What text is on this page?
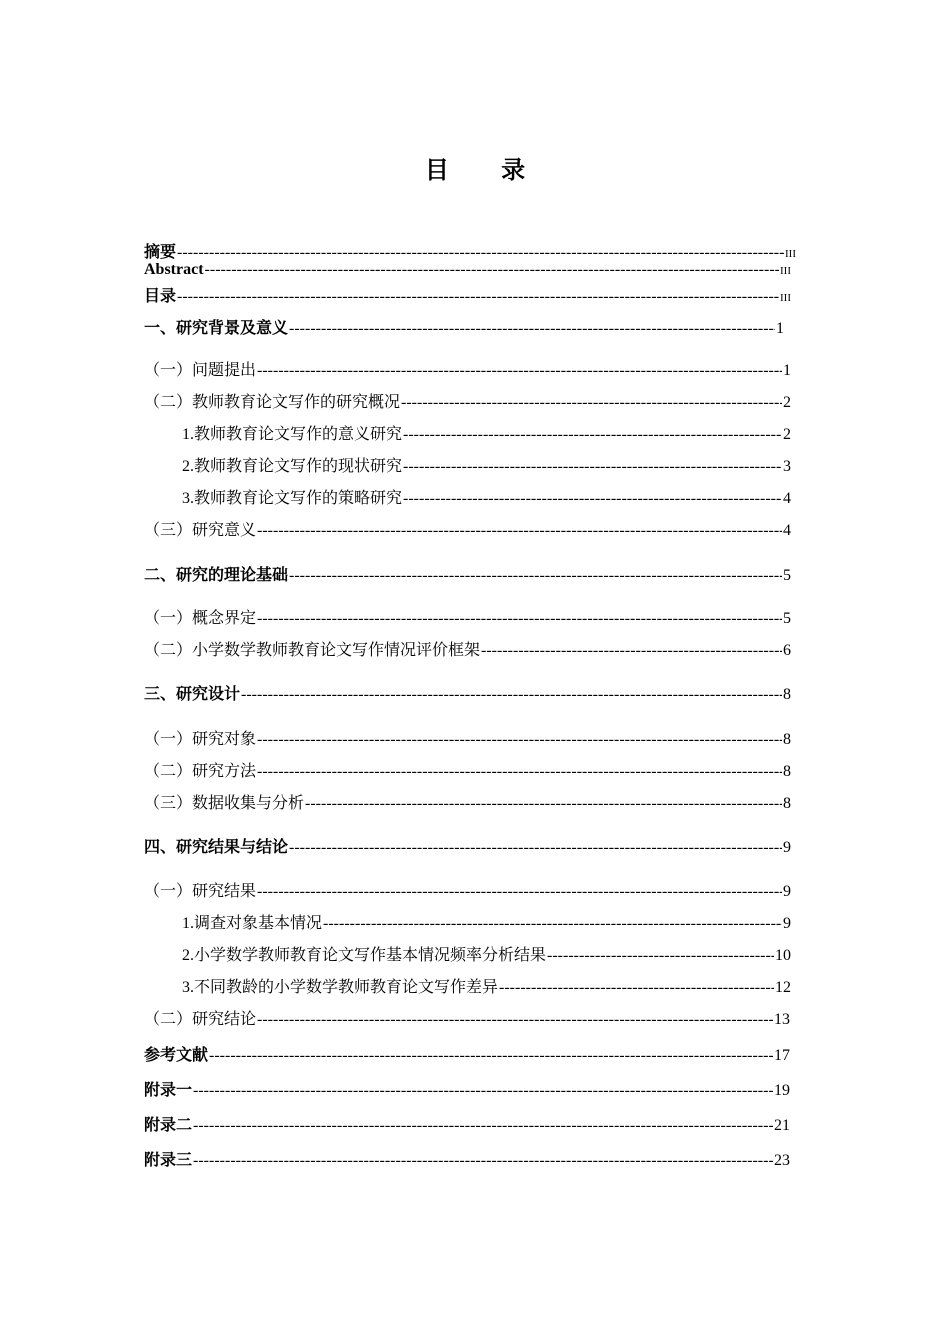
目 录
摘要 -----	III
Abstract -----	III
目录 -----	III
一、研究背景及意义 -----	1
（一）问题提出 -----	1
（二）教师教育论文写作的研究概况 -----	2
1.教师教育论文写作的意义研究 -----	2
2.教师教育论文写作的现状研究 -----	3
3.教师教育论文写作的策略研究 -----	4
（三）研究意义 -----	4
二、研究的理论基础 -----	5
（一）概念界定 -----	5
（二）小学数学教师教育论文写作情况评价框架 -----	6
三、研究设计 -----	8
（一）研究对象 -----	8
（二）研究方法 -----	8
（三）数据收集与分析 -----	8
四、研究结果与结论 -----	9
（一）研究结果 -----	9
1.调查对象基本情况 -----	9
2.小学数学教师教育论文写作基本情况频率分析结果 -----	10
3.不同教龄的小学数学教师教育论文写作差异 -----	12
（二）研究结论 -----	13
参考文献 -----	17
附录一 -----	19
附录二 -----	21
附录三 -----	23
